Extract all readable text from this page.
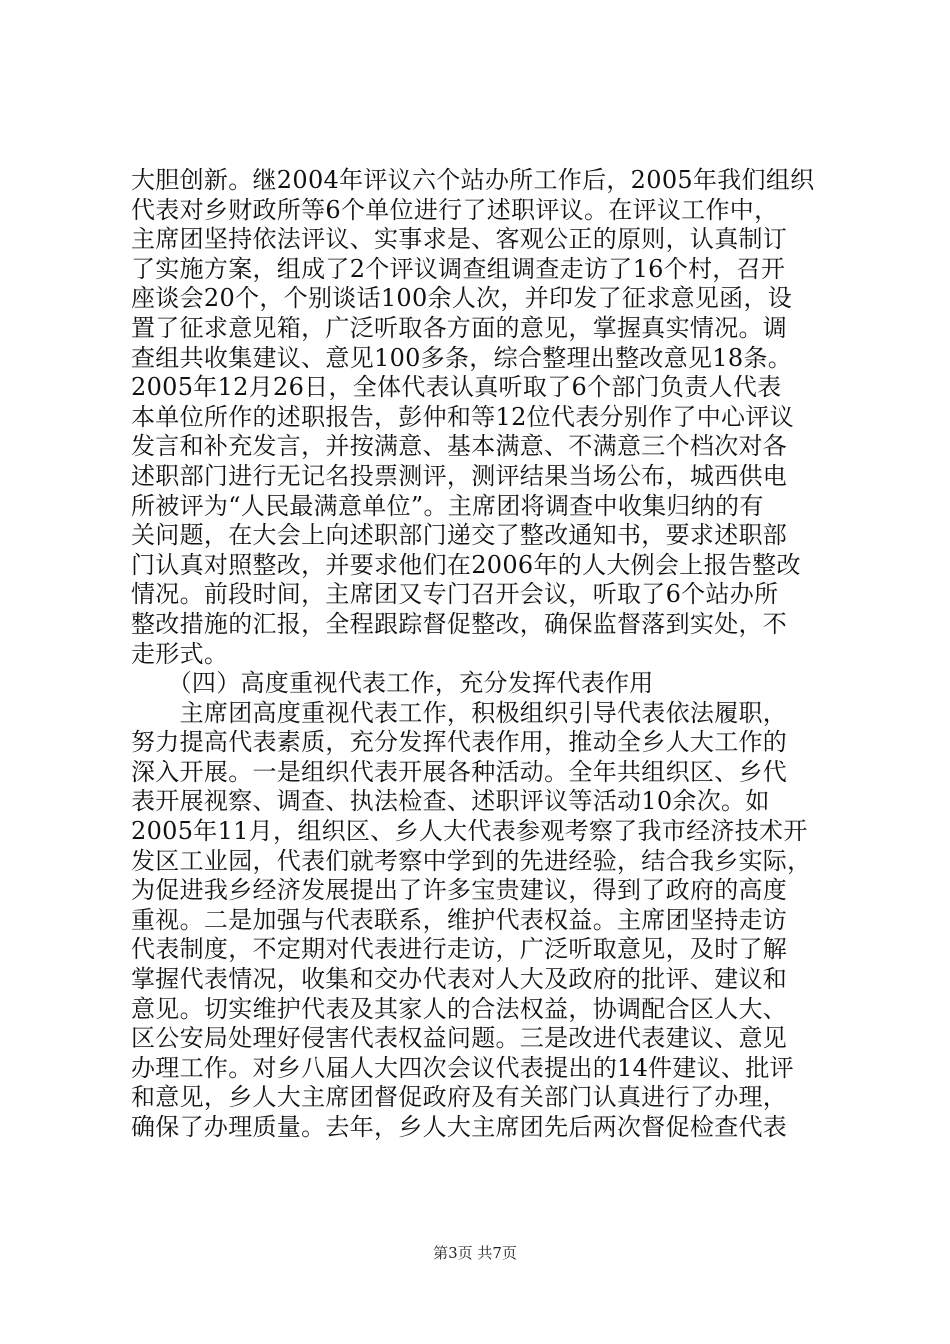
大胆创新。继2004年评议六个站办所工作后，2005年我们组织
代表对乡财政所等6个单位进行了述职评议。在评议工作中，
主席团坚持依法评议、实事求是、客观公正的原则，认真制订
了实施方案，组成了2个评议调查组调查走访了16个村，召开
座谈会20个，个别谈话100余人次，并印发了征求意见函，设
置了征求意见箱，广泛听取各方面的意见，掌握真实情况。调
查组共收集建议、意见100多条，综合整理出整改意见18条。
2005年12月26日，全体代表认真听取了6个部门负责人代表
本单位所作的述职报告，彭仲和等12位代表分别作了中心评议
发言和补充发言，并按满意、基本满意、不满意三个档次对各
述职部门进行无记名投票测评，测评结果当场公布，城西供电
所被评为“人民最满意单位”。主席团将调查中收集归纳的有
关问题，在大会上向述职部门递交了整改通知书，要求述职部
门认真对照整改，并要求他们在2006年的人大例会上报告整改
情况。前段时间，主席团又专门召开会议，听取了6个站办所
整改措施的汇报，全程跟踪督促整改，确保监督落到实处，不
走形式。
　　（四）高度重视代表工作，充分发挥代表作用
　　主席团高度重视代表工作，积极组织引导代表依法履职，
努力提高代表素质，充分发挥代表作用，推动全乡人大工作的
深入开展。一是组织代表开展各种活动。全年共组织区、乡代
表开展视察、调查、执法检查、述职评议等活动10余次。如
2005年11月，组织区、乡人大代表参观考察了我市经济技术开
发区工业园，代表们就考察中学到的先进经验，结合我乡实际，
为促进我乡经济发展提出了许多宝贵建议，得到了政府的高度
重视。二是加强与代表联系，维护代表权益。主席团坚持走访
代表制度，不定期对代表进行走访，广泛听取意见，及时了解
掌握代表情况，收集和交办代表对人大及政府的批评、建议和
意见。切实维护代表及其家人的合法权益，协调配合区人大、
区公安局处理好侵害代表权益问题。三是改进代表建议、意见
办理工作。对乡八届人大四次会议代表提出的14件建议、批评
和意见，乡人大主席团督促政府及有关部门认真进行了办理，
确保了办理质量。去年，乡人大主席团先后两次督促检查代表
第3页 共7页
